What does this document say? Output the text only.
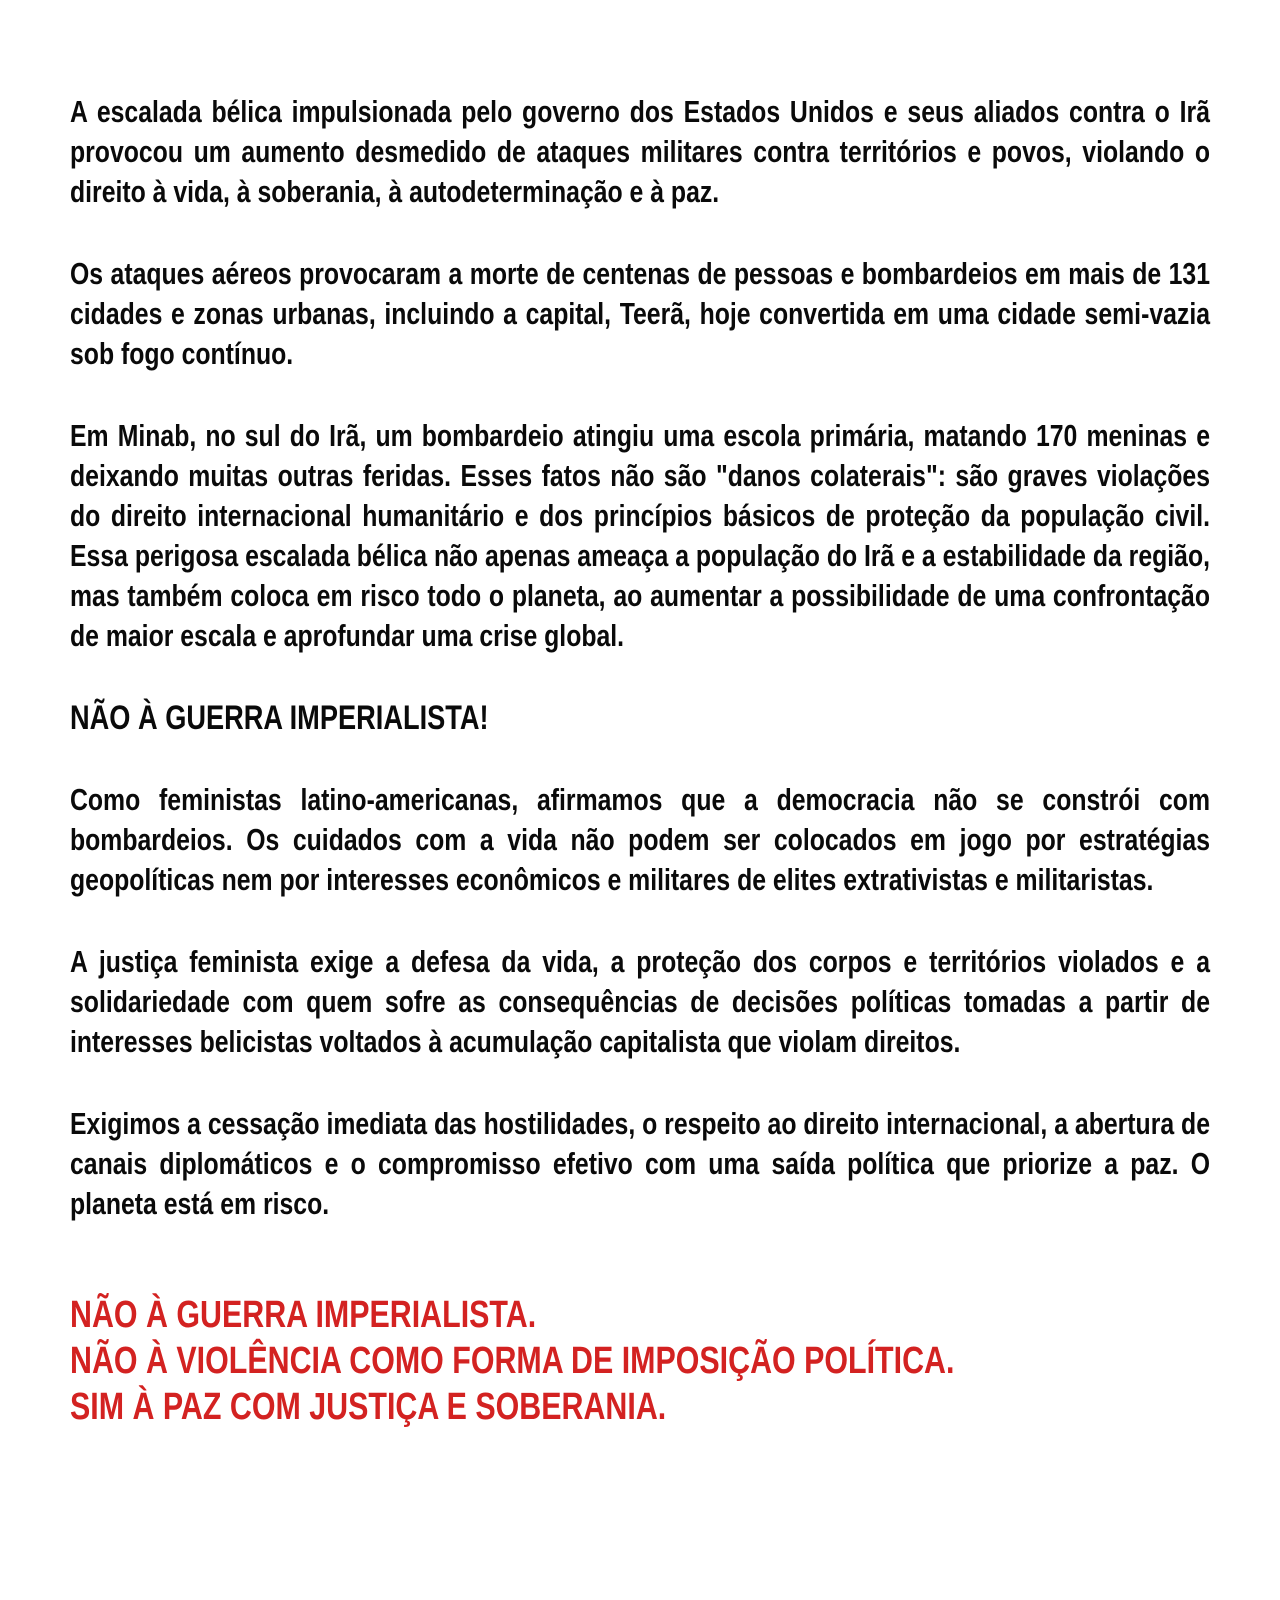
A escalada bélica impulsionada pelo governo dos Estados Unidos e seus aliados contra o Irã provocou um aumento desmedido de ataques militares contra territórios e povos, violando o direito à vida, à soberania, à autodeterminação e à paz.

Os ataques aéreos provocaram a morte de centenas de pessoas e bombardeios em mais de 131 cidades e zonas urbanas, incluindo a capital, Teerã, hoje convertida em uma cidade semi-vazia sob fogo contínuo.

Em Minab, no sul do Irã, um bombardeio atingiu uma escola primária, matando 170 meninas e deixando muitas outras feridas. Esses fatos não são "danos colaterais": são graves violações do direito internacional humanitário e dos princípios básicos de proteção da população civil. Essa perigosa escalada bélica não apenas ameaça a população do Irã e a estabilidade da região, mas também coloca em risco todo o planeta, ao aumentar a possibilidade de uma confrontação de maior escala e aprofundar uma crise global.

NÃO À GUERRA IMPERIALISTA!

Como feministas latino-americanas, afirmamos que a democracia não se constrói com bombardeios. Os cuidados com a vida não podem ser colocados em jogo por estratégias geopolíticas nem por interesses econômicos e militares de elites extrativistas e militaristas.

A justiça feminista exige a defesa da vida, a proteção dos corpos e territórios violados e a solidariedade com quem sofre as consequências de decisões políticas tomadas a partir de interesses belicistas voltados à acumulação capitalista que violam direitos.

Exigimos a cessação imediata das hostilidades, o respeito ao direito internacional, a abertura de canais diplomáticos e o compromisso efetivo com uma saída política que priorize a paz. O planeta está em risco.

NÃO À GUERRA IMPERIALISTA.
NÃO À VIOLÊNCIA COMO FORMA DE IMPOSIÇÃO POLÍTICA.
SIM À PAZ COM JUSTIÇA E SOBERANIA.
